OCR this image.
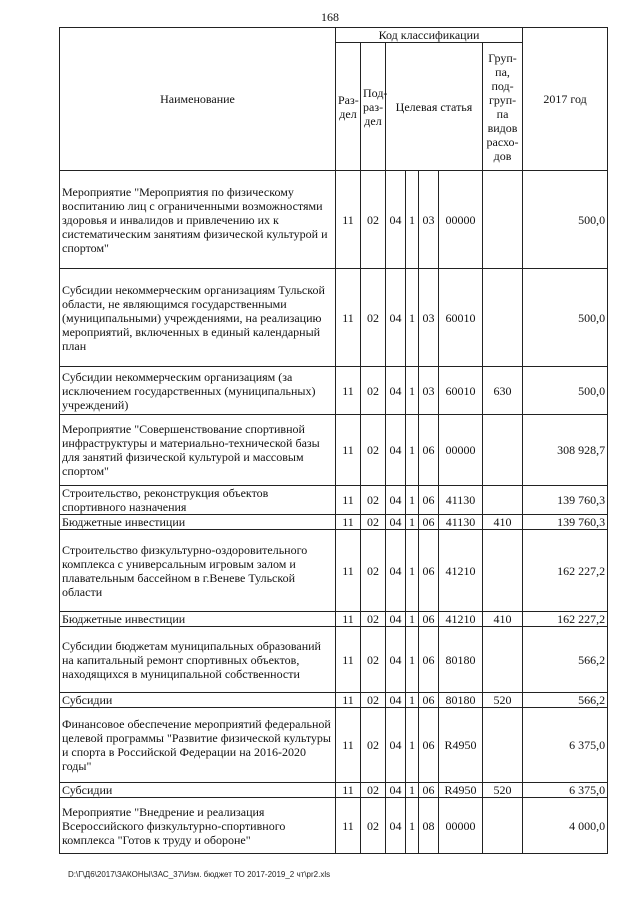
168
Наименование	Код классификации							2017 год
	Раз-дел	Под-раз-дел	Целевая статья				Груп-па, под-груп-па видов расхо-дов	
Мероприятие "Мероприятия по физическому воспитанию лиц с ограниченными возможностями здоровья и инвалидов и привлечению их к систематическим занятиям физической культурой и спортом"	11	02	04	1	03	00000		500,0
Субсидии некоммерческим организациям Тульской области, не являющимся государственными (муниципальными) учреждениями, на реализацию мероприятий, включенных в единый календарный план	11	02	04	1	03	60010		500,0
Субсидии некоммерческим организациям (за исключением государственных (муниципальных) учреждений)	11	02	04	1	03	60010	630	500,0
Мероприятие "Совершенствование спортивной инфраструктуры и материально-технической базы для занятий физической культурой и массовым спортом"	11	02	04	1	06	00000		308 928,7
Строительство, реконструкция объектов спортивного назначения	11	02	04	1	06	41130		139 760,3
Бюджетные инвестиции	11	02	04	1	06	41130	410	139 760,3
Строительство физкультурно-оздоровительного комплекса с универсальным игровым залом и плавательным бассейном в г.Веневе Тульской области	11	02	04	1	06	41210		162 227,2
Бюджетные инвестиции	11	02	04	1	06	41210	410	162 227,2
Субсидии бюджетам муниципальных образований на капитальный ремонт спортивных объектов, находящихся в муниципальной собственности	11	02	04	1	06	80180		566,2
Субсидии	11	02	04	1	06	80180	520	566,2
Финансовое обеспечение мероприятий федеральной целевой программы "Развитие физической культуры и спорта в Российской Федерации на 2016-2020 годы"	11	02	04	1	06	R4950		6 375,0
Субсидии	11	02	04	1	06	R4950	520	6 375,0
Мероприятие "Внедрение и реализация Всероссийского физкультурно-спортивного комплекса "Готов к труду и обороне"	11	02	04	1	08	00000		4 000,0
D:\Г\Д6\2017\ЗАКОНЫ\ЗАС_37\Изм. бюджет ТО 2017-2019_2 чт\pr2.xls
